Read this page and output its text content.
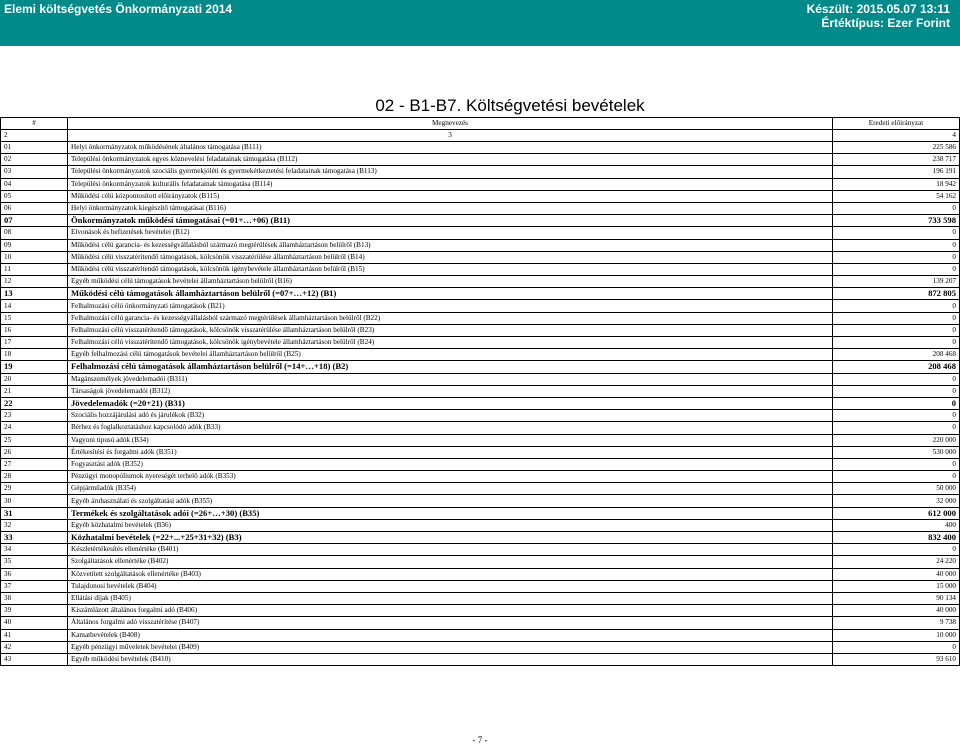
Elemi költségvetés Önkormányzati 2014	Készült: 2015.05.07 13:11
Értéktípus: Ezer Forint
02 - B1-B7. Költségvetési bevételek
#	Megnevezés	Eredeti előirányzat
2	3	4
01	Helyi önkormányzatok működésének általános támogatása (B111)	225 586
02	Települési önkormányzatok egyes köznevelési feladatainak támogatása (B112)	238 717
03	Települési önkormányzatok szociális gyermekjóléti és gyermekétkeztetési feladatainak támogatása (B113)	196 191
04	Települési önkormányzatok kulturális feladatainak támogatása (B114)	18 942
05	Működési célú központosított előirányzatok (B115)	54 162
06	Helyi önkormányzatok kiegészítő támogatásai (B116)	0
07	Önkormányzatok működési támogatásai (=01+…+06) (B11)	733 598
08	Elvonások és befizetések bevételei (B12)	0
09	Működési célú garancia- és kezességvállalásból származó megtérülések államháztartáson belülről (B13)	0
10	Működési célú visszatérítendő támogatások, kölcsönök visszatérülése államháztartáson belülről (B14)	0
11	Működési célú visszatérítendő támogatások, kölcsönök igénybevétele államháztartáson belülről (B15)	0
12	Egyéb működési célú támogatások bevételei államháztartáson belülről (B16)	139 207
13	Működési célú támogatások államháztartáson belülről (=07+…+12) (B1)	872 805
14	Felhalmozási célú önkormányzati támogatások (B21)	0
15	Felhalmozási célú garancia- és kezességvállalásból származó megtérülések államháztartáson belülről (B22)	0
16	Felhalmozási célú visszatérítendő támogatások, kölcsönök visszatérülése államháztartáson belülről (B23)	0
17	Felhalmozási célú visszatérítendő támogatások, kölcsönök igénybevétele államháztartáson belülről (B24)	0
18	Egyéb felhalmozási célú támogatások bevételei államháztartáson belülről (B25)	208 468
19	Felhalmozási célú támogatások államháztartáson belülről (=14+…+18) (B2)	208 468
20	Magánszemélyek jövedelemadói (B311)	0
21	Társaságok jövedelemadói (B312)	0
22	Jövedelemadók (=20+21) (B31)	0
23	Szociális hozzájárulási adó és járulékok (B32)	0
24	Bérhez és foglalkoztatáshoz kapcsolódó adók (B33)	0
25	Vagyoni tipusú adók (B34)	220 000
26	Értékesítési és forgalmi adók (B351)	530 000
27	Fogyasztási adók (B352)	0
28	Pénzügyi monopóliumok nyereségét terhelő adók (B353)	0
29	Gépjárműadók (B354)	50 000
30	Egyéb áruhasználati és szolgáltatási adók (B355)	32 000
31	Termékek és szolgáltatások adói (=26+…+30) (B35)	612 000
32	Egyéb közhatalmi bevételek (B36)	400
33	Közhatalmi bevételek (=22+...+25+31+32) (B3)	832 400
34	Készletértékesítés ellenértéke (B401)	0
35	Szolgáltatások ellenértéke (B402)	24 220
36	Közvetített szolgáltatások ellenértéke (B403)	40 000
37	Tulajdonosi bevételek (B404)	15 000
38	Ellátási díjak (B405)	90 134
39	Kiszámlázott általános forgalmi adó (B406)	40 000
40	Általános forgalmi adó visszatérítése (B407)	9 738
41	Kamatbevételek (B408)	10 000
42	Egyéb pénzügyi műveletek bevételei (B409)	0
43	Egyéb működési bevételek (B410)	93 610
- 7 -
